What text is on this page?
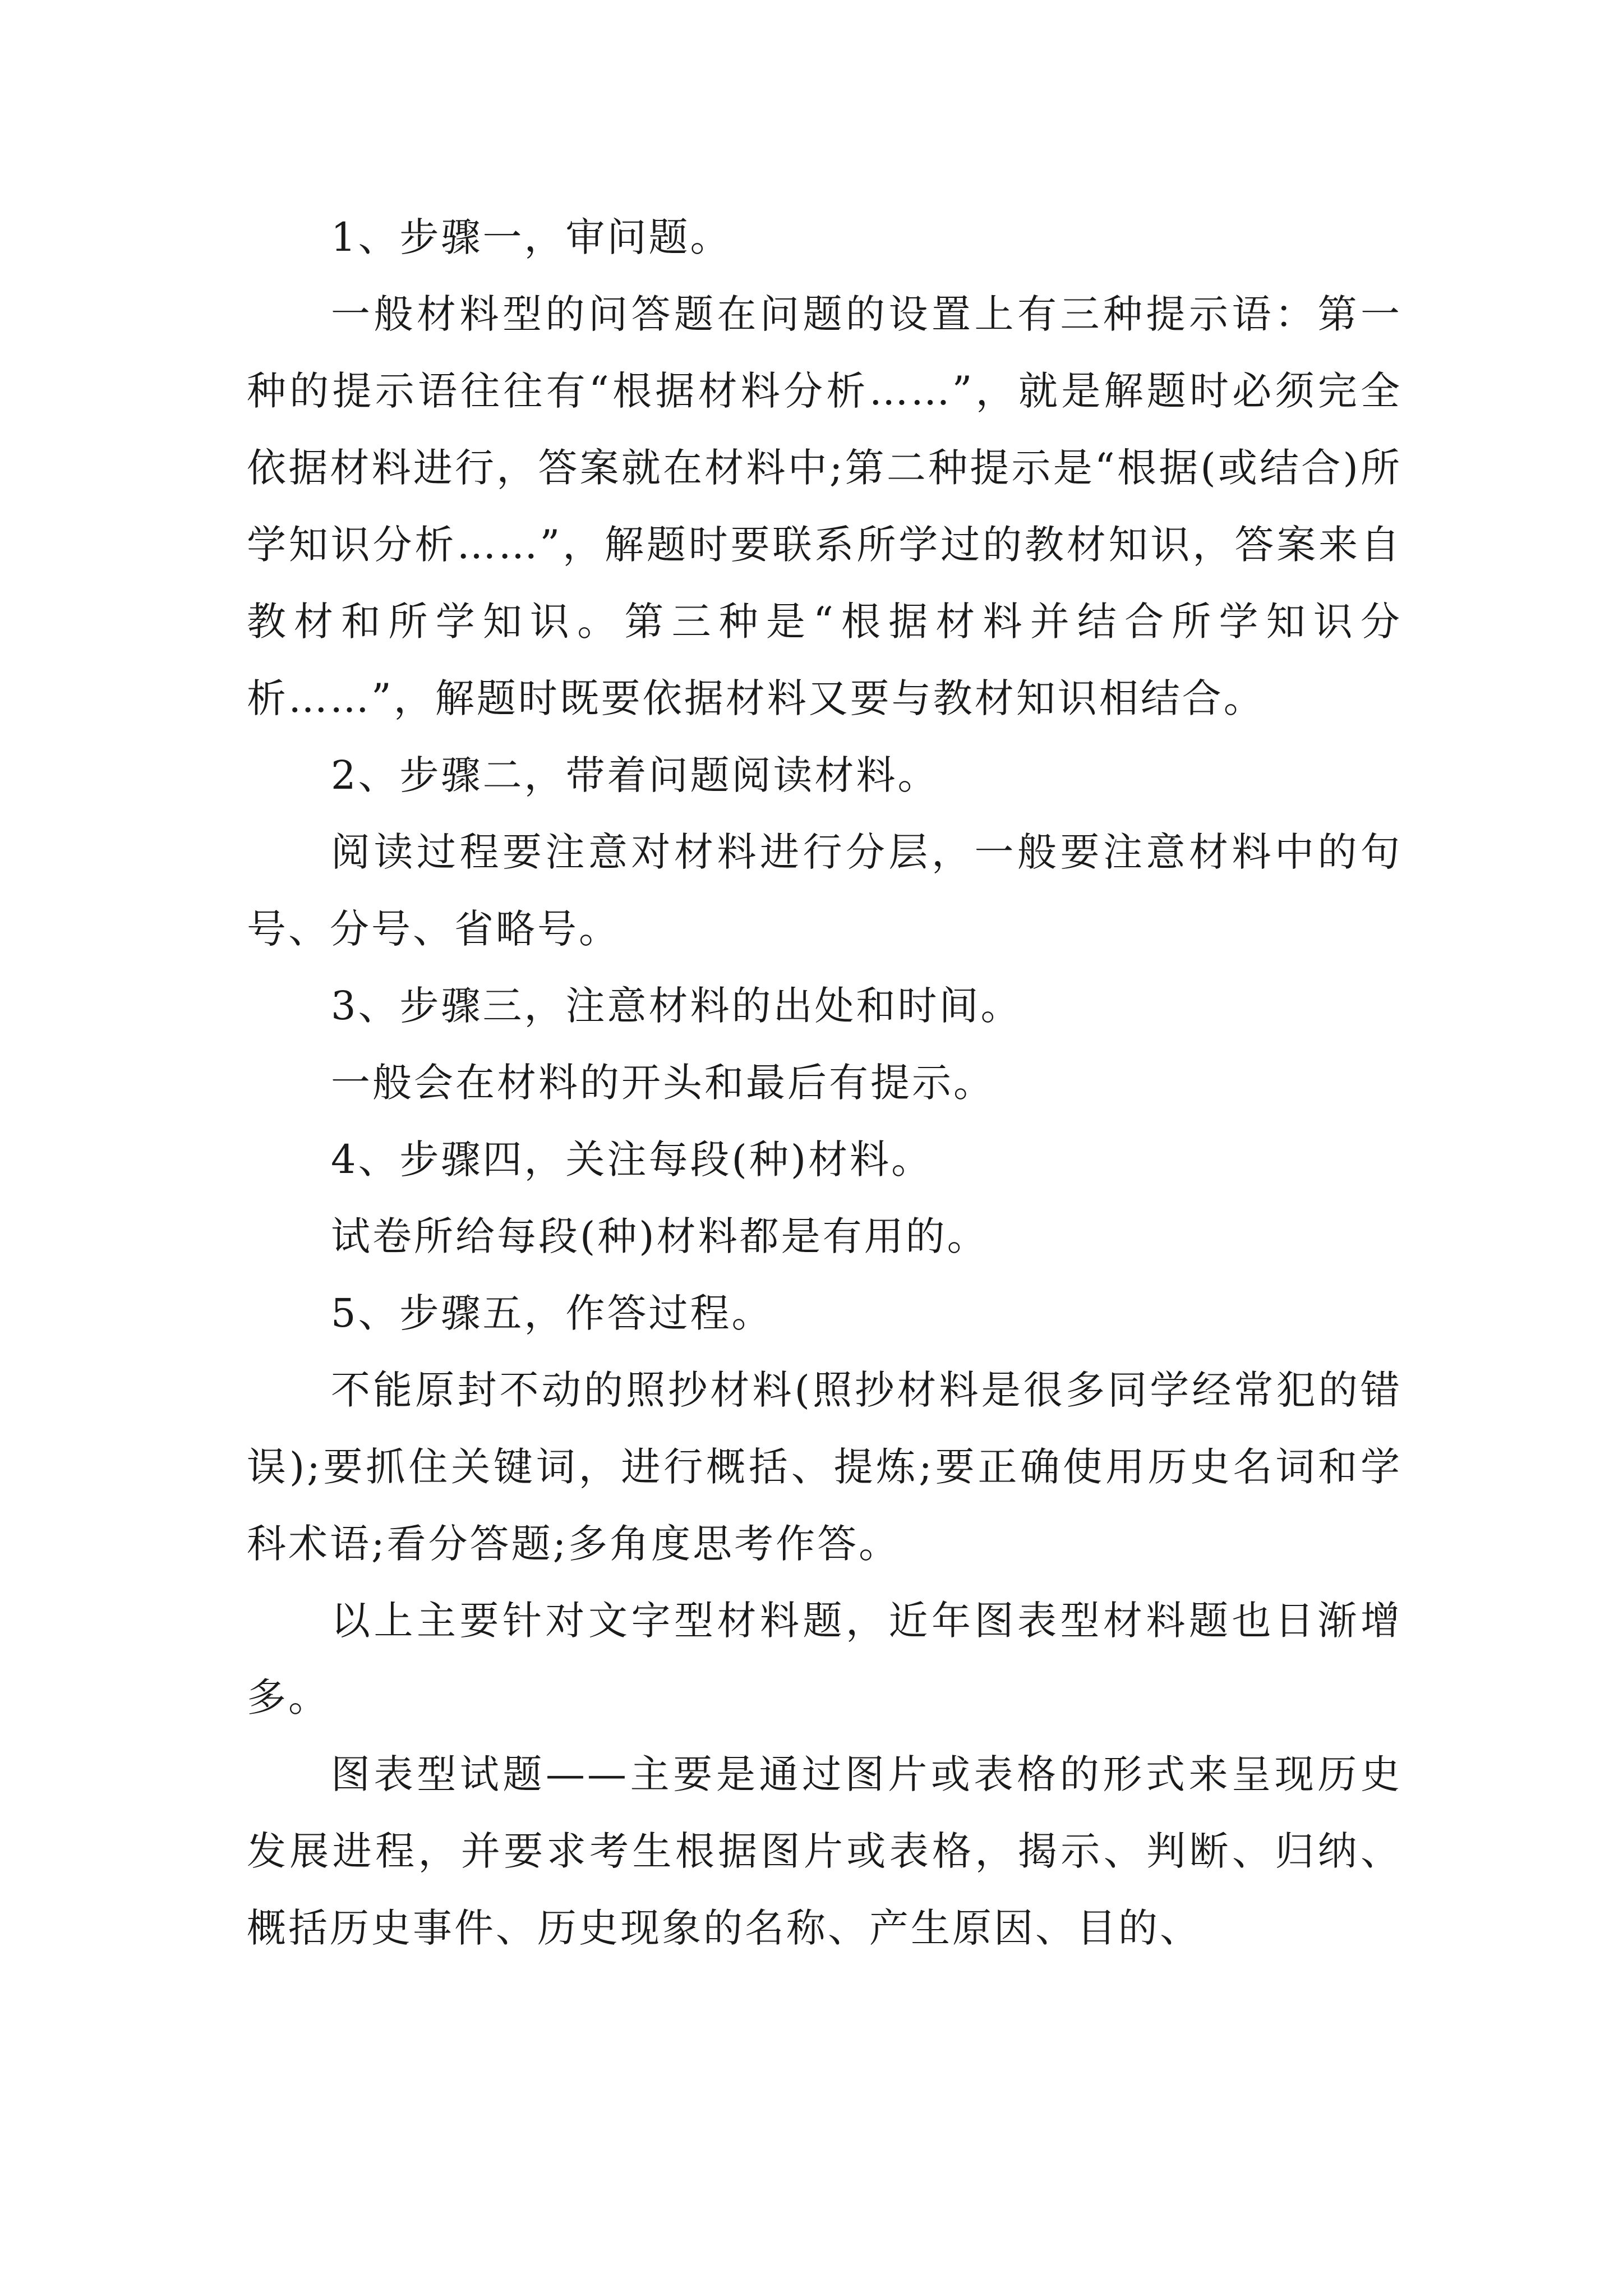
1、步骤一，审问题。

一般材料型的问答题在问题的设置上有三种提示语：第一种的提示语往往有“根据材料分析……”，就是解题时必须完全依据材料进行，答案就在材料中;第二种提示是“根据(或结合)所学知识分析……”，解题时要联系所学过的教材知识，答案来自教材和所学知识。第三种是“根据材料并结合所学知识分析……”，解题时既要依据材料又要与教材知识相结合。

2、步骤二，带着问题阅读材料。

阅读过程要注意对材料进行分层，一般要注意材料中的句号、分号、省略号。

3、步骤三，注意材料的出处和时间。

一般会在材料的开头和最后有提示。

4、步骤四，关注每段(种)材料。

试卷所给每段(种)材料都是有用的。

5、步骤五，作答过程。

不能原封不动的照抄材料(照抄材料是很多同学经常犯的错误);要抓住关键词，进行概括、提炼;要正确使用历史名词和学科术语;看分答题;多角度思考作答。

以上主要针对文字型材料题，近年图表型材料题也日渐增多。

图表型试题——主要是通过图片或表格的形式来呈现历史发展进程，并要求考生根据图片或表格，揭示、判断、归纳、概括历史事件、历史现象的名称、产生原因、目的、
